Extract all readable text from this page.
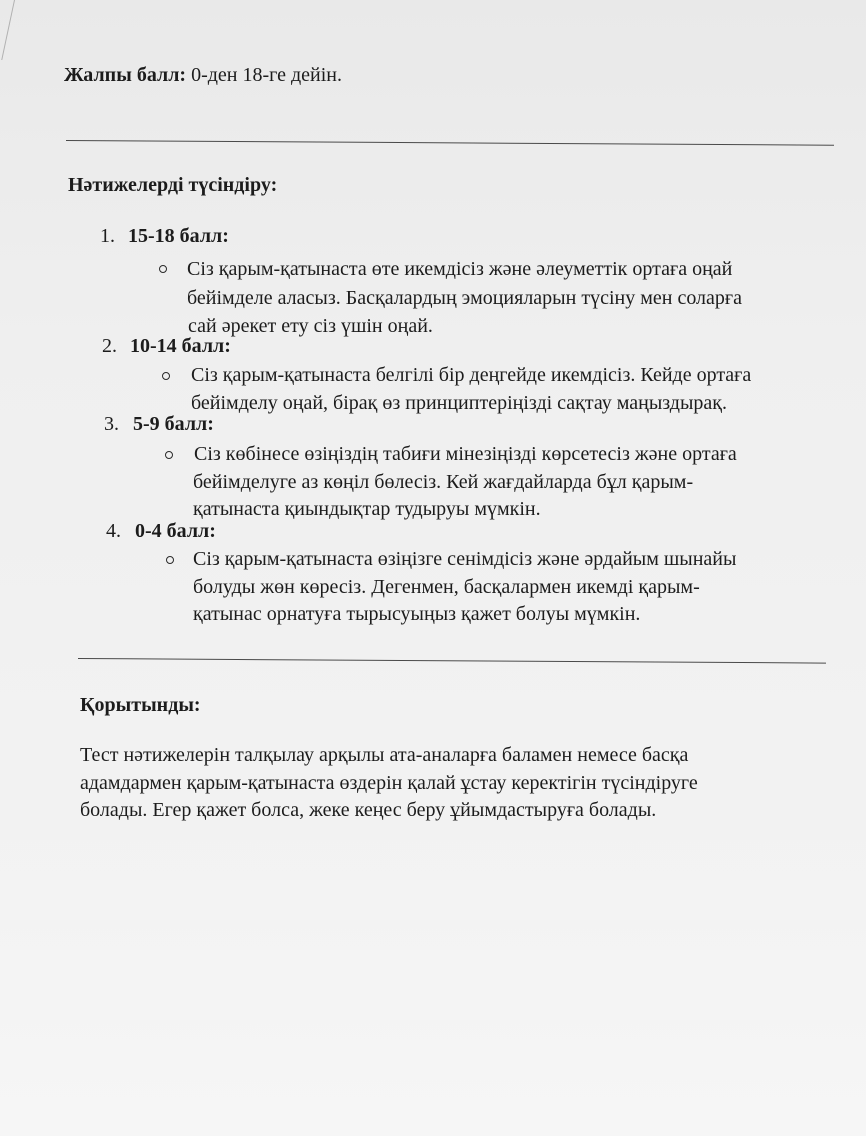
Жалпы балл: 0-ден 18-ге дейін.
Нәтижелерді түсіндіру:
1. 15-18 балл:
Сіз қарым-қатынаста өте икемдісіз және әлеуметтік ортаға оңай
бейімделе аласыз. Басқалардың эмоцияларын түсіну мен соларға
сай әрекет ету сіз үшін оңай.
2. 10-14 балл:
Сіз қарым-қатынаста белгілі бір деңгейде икемдісіз. Кейде ортаға
бейімделу оңай, бірақ өз принциптеріңізді сақтау маңыздырақ.
3. 5-9 балл:
Сіз көбінесе өзіңіздің табиғи мінезіңізді көрсетесіз және ортаға
бейімделуге аз көңіл бөлесіз. Кей жағдайларда бұл қарым-
қатынаста қиындықтар тудыруы мүмкін.
4. 0-4 балл:
Сіз қарым-қатынаста өзіңізге сенімдісіз және әрдайым шынайы
болуды жөн көресіз. Дегенмен, басқалармен икемді қарым-
қатынас орнатуға тырысуыңыз қажет болуы мүмкін.
Қорытынды:
Тест нәтижелерін талқылау арқылы ата-аналарға баламен немесе басқа
адамдармен қарым-қатынаста өздерін қалай ұстау керектігін түсіндіруге
болады. Егер қажет болса, жеке кеңес беру ұйымдастыруға болады.
